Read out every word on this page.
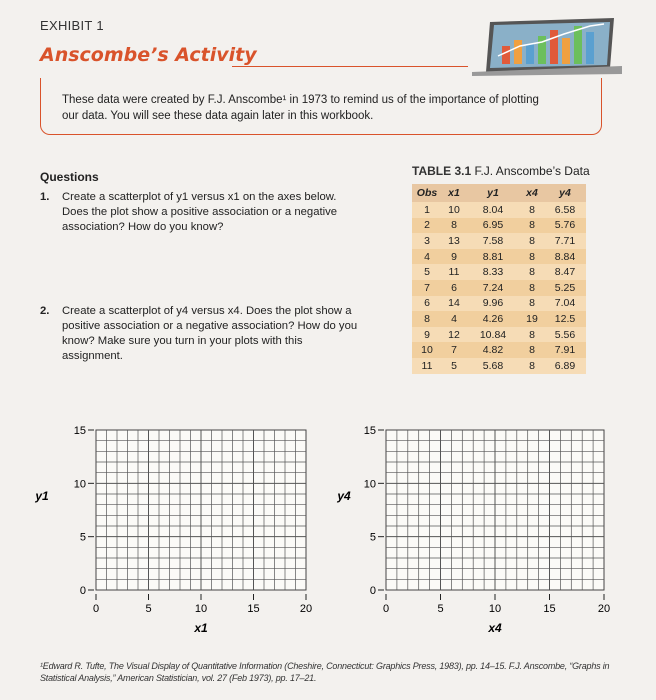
EXHIBIT 1
Anscombe’s Activity
These data were created by F.J. Anscombe¹ in 1973 to remind us of the importance of plotting our data. You will see these data again later in this workbook.
Questions
1. Create a scatterplot of y1 versus x1 on the axes below. Does the plot show a positive association or a negative association? How do you know?
2. Create a scatterplot of y4 versus x4. Does the plot show a positive association or a negative association? How do you know? Make sure you turn in your plots with this assignment.
TABLE 3.1 F.J. Anscombe’s Data
Obs	x1	y1	x4	y4
1	10	8.04	8	6.58
2	8	6.95	8	5.76
3	13	7.58	8	7.71
4	9	8.81	8	8.84
5	11	8.33	8	8.47
7	6	7.24	8	5.25
6	14	9.96	8	7.04
8	4	4.26	19	12.5
9	12	10.84	8	5.56
10	7	4.82	8	7.91
11	5	5.68	8	6.89
0	5	10	15	20
0
5
10
15
x1
y1
0	5	10	15	20
0
5
10
15
x4
y4
¹Edward R. Tufte, The Visual Display of Quantitative Information (Cheshire, Connecticut: Graphics Press, 1983), pp. 14–15. F.J. Anscombe, “Graphs in Statistical Analysis,” American Statistician, vol. 27 (Feb 1973), pp. 17–21.
